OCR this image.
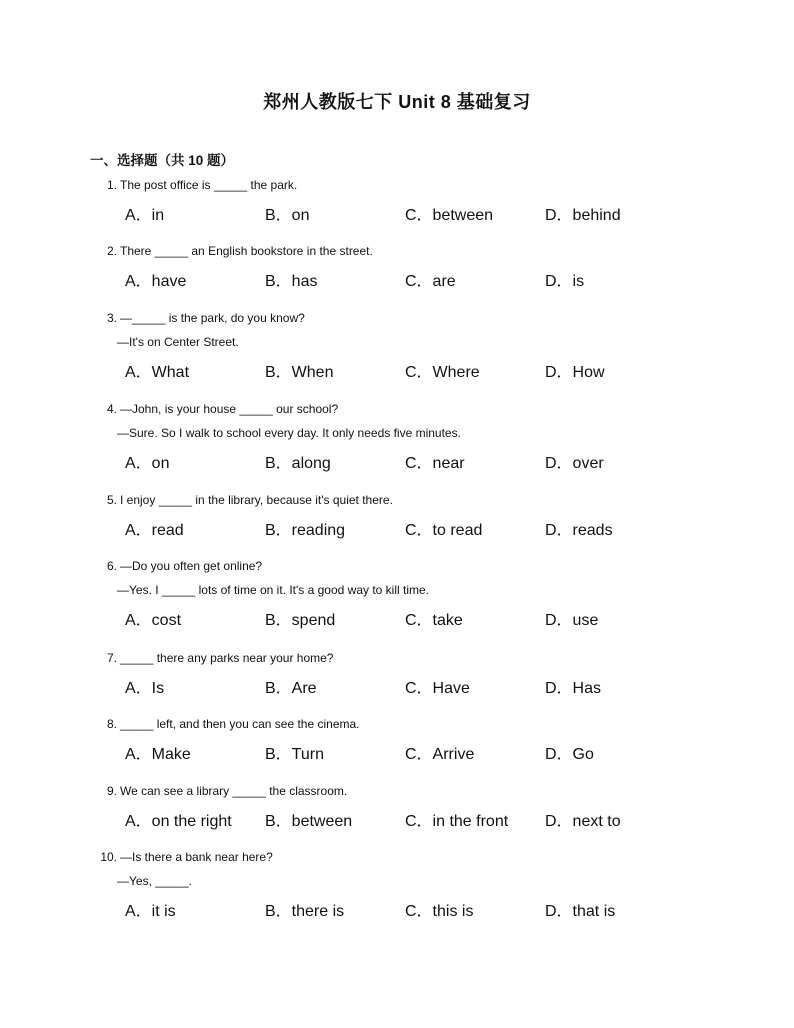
郑州人教版七下 Unit 8 基础复习
一、选择题（共 10 题）
1. The post office is _____ the park.
A．in	B．on	C．between	D．behind
2. There _____ an English bookstore in the street.
A．have	B．has	C．are	D．is
3. —_____ is the park, do you know?
—It's on Center Street.
A．What	B．When	C．Where	D．How
4. —John, is your house _____ our school?
—Sure. So I walk to school every day. It only needs five minutes.
A．on	B．along	C．near	D．over
5. I enjoy _____ in the library, because it's quiet there.
A．read	B．reading	C．to read	D．reads
6. —Do you often get online?
—Yes. I _____ lots of time on it. It's a good way to kill time.
A．cost	B．spend	C．take	D．use
7. _____ there any parks near your home?
A．Is	B．Are	C．Have	D．Has
8. _____ left, and then you can see the cinema.
A．Make	B．Turn	C．Arrive	D．Go
9. We can see a library _____ the classroom.
A．on the right B．between	C．in the front D．next to
10. —Is there a bank near here?
—Yes, _____.
A．it is	B．there is	C．this is	D．that is
